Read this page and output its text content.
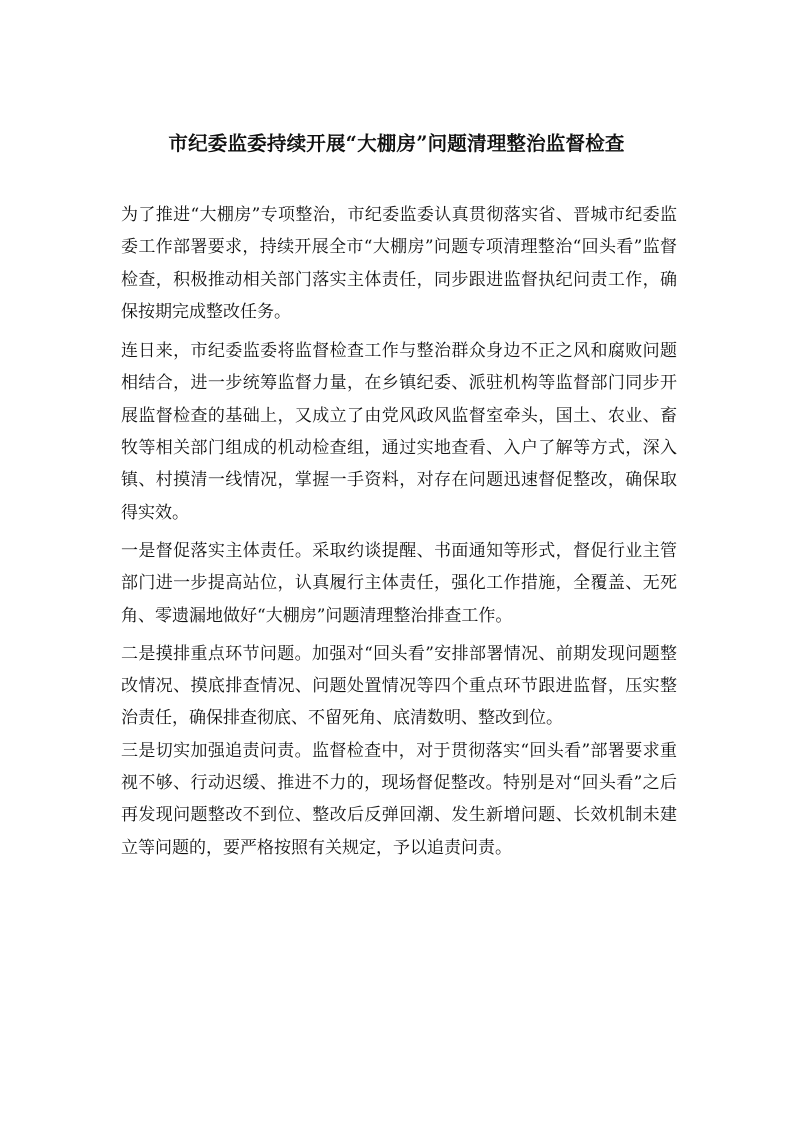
市纪委监委持续开展“大棚房”问题清理整治监督检查

为了推进“大棚房”专项整治，市纪委监委认真贯彻落实省、晋城市纪委监委工作部署要求，持续开展全市“大棚房”问题专项清理整治“回头看”监督检查，积极推动相关部门落实主体责任，同步跟进监督执纪问责工作，确保按期完成整改任务。

连日来，市纪委监委将监督检查工作与整治群众身边不正之风和腐败问题相结合，进一步统筹监督力量，在乡镇纪委、派驻机构等监督部门同步开展监督检查的基础上，又成立了由党风政风监督室牵头，国土、农业、畜牧等相关部门组成的机动检查组，通过实地查看、入户了解等方式，深入镇、村摸清一线情况，掌握一手资料，对存在问题迅速督促整改，确保取得实效。

一是督促落实主体责任。采取约谈提醒、书面通知等形式，督促行业主管部门进一步提高站位，认真履行主体责任，强化工作措施，全覆盖、无死角、零遗漏地做好“大棚房”问题清理整治排查工作。

二是摸排重点环节问题。加强对“回头看”安排部署情况、前期发现问题整改情况、摸底排查情况、问题处置情况等四个重点环节跟进监督，压实整治责任，确保排查彻底、不留死角、底清数明、整改到位。

三是切实加强追责问责。监督检查中，对于贯彻落实“回头看”部署要求重视不够、行动迟缓、推进不力的，现场督促整改。特别是对“回头看”之后再发现问题整改不到位、整改后反弹回潮、发生新增问题、长效机制未建立等问题的，要严格按照有关规定，予以追责问责。
